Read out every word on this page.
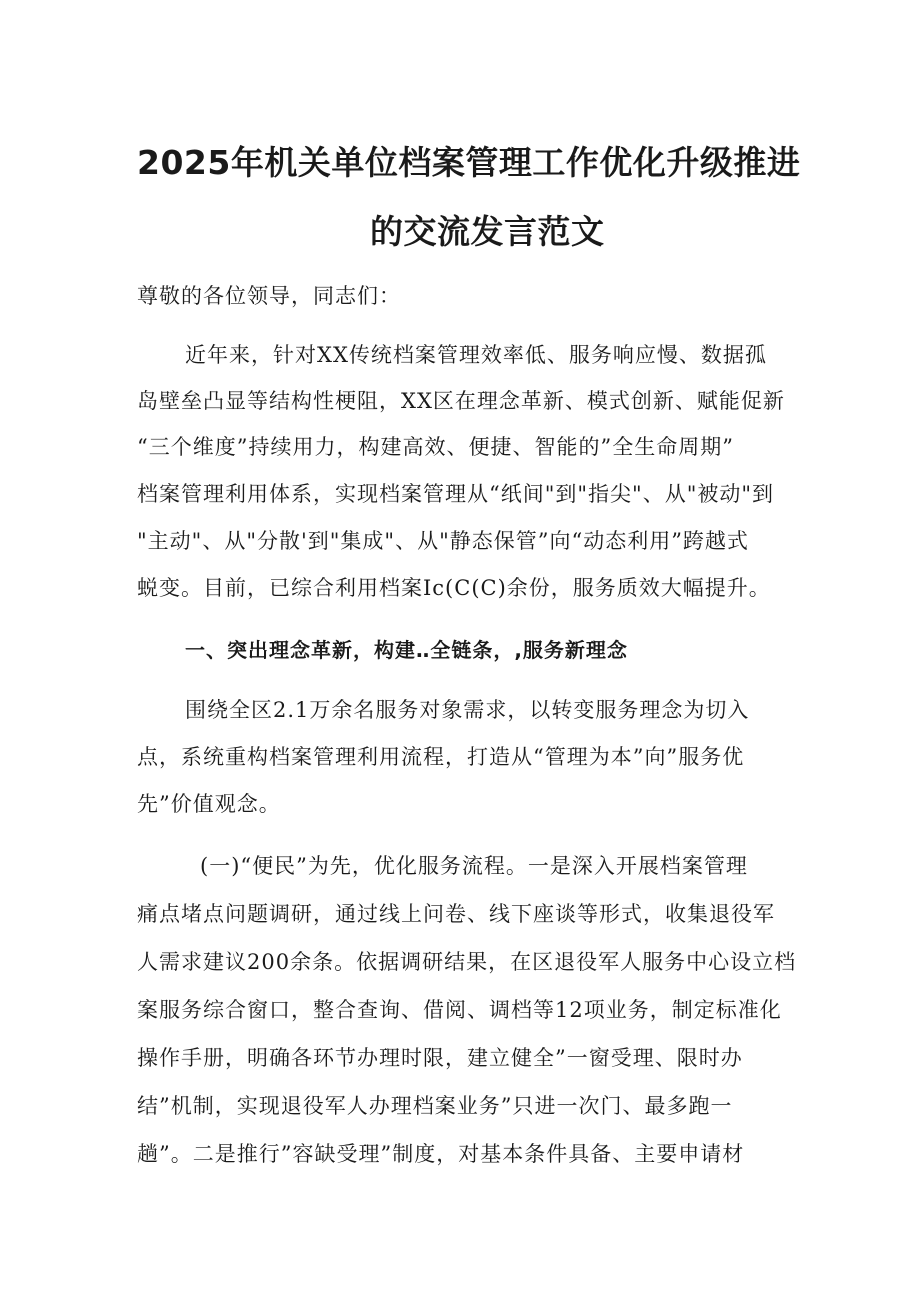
2025年机关单位档案管理工作优化升级推进
的交流发言范文
尊敬的各位领导，同志们：
近年来，针对XX传统档案管理效率低、服务响应慢、数据孤
岛壁垒凸显等结构性梗阻，XX区在理念革新、模式创新、赋能促新
“三个维度”持续用力，构建高效、便捷、智能的”全生命周期”
档案管理利用体系，实现档案管理从“纸间"到"指尖"、从"被动"到
"主动"、从"分散'到"集成"、从"静态保管”向“动态利用”跨越式
蜕变。目前，已综合利用档案Ic(C(C)余份，服务质效大幅提升。
一、突出理念革新，构建‥全链条，,服务新理念
围绕全区2.1万余名服务对象需求，以转变服务理念为切入
点，系统重构档案管理利用流程，打造从“管理为本”向”服务优
先”价值观念。
(一)“便民”为先，优化服务流程。一是深入开展档案管理
痛点堵点问题调研，通过线上问卷、线下座谈等形式，收集退役军
人需求建议200余条。依据调研结果，在区退役军人服务中心设立档
案服务综合窗口，整合查询、借阅、调档等12项业务，制定标准化
操作手册，明确各环节办理时限，建立健全”一窗受理、限时办
结”机制，实现退役军人办理档案业务”只进一次门、最多跑一
趟”。二是推行”容缺受理”制度，对基本条件具备、主要申请材
